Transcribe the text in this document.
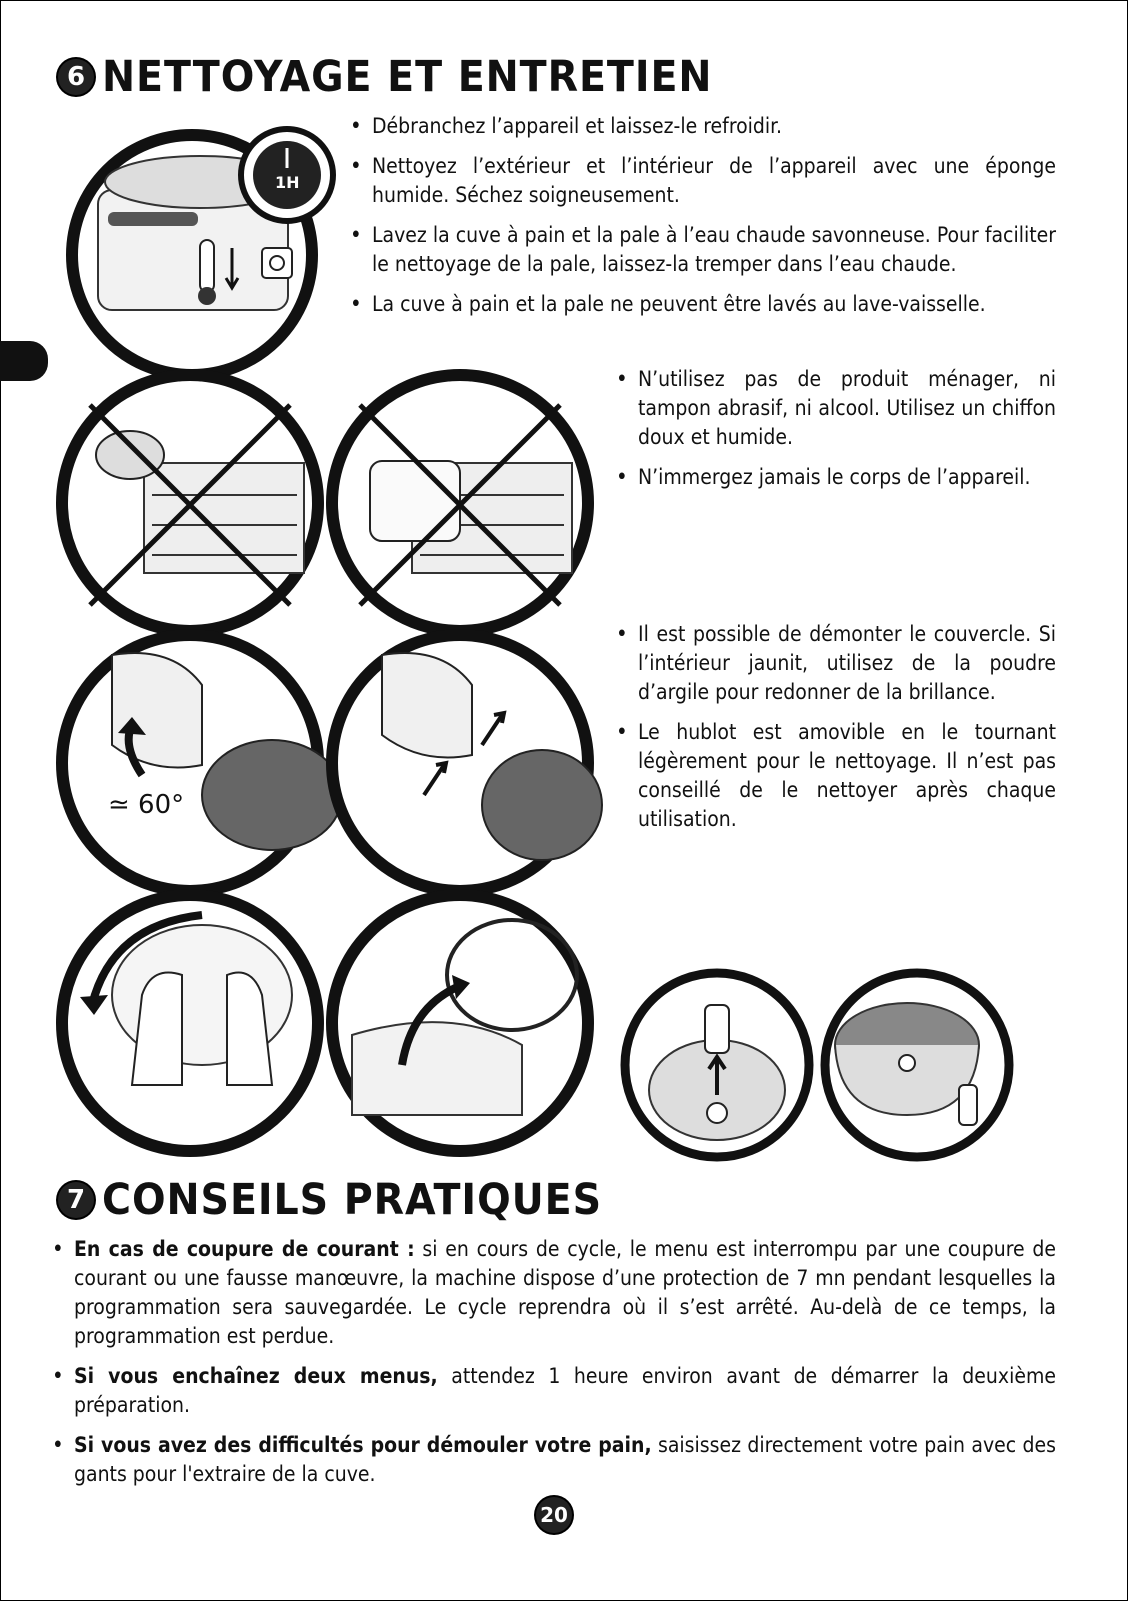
6 NETTOYAGE ET ENTRETIEN
1H
• Débranchez l’appareil et laissez-le refroidir.
• Nettoyez l’extérieur et l’intérieur de l’appareil avec une éponge humide. Séchez soigneusement.
• Lavez la cuve à pain et la pale à l’eau chaude savonneuse. Pour faciliter le nettoyage de la pale, laissez-la tremper dans l’eau chaude.
• La cuve à pain et la pale ne peuvent être lavés au lave-vaisselle.
• N’utilisez pas de produit ménager, ni tampon abrasif, ni alcool. Utilisez un chiffon doux et humide.
• N’immergez jamais le corps de l’appareil.
≃ 60°
• Il est possible de démonter le couvercle. Si l’intérieur jaunit, utilisez de la poudre d’argile pour redonner de la brillance.
• Le hublot est amovible en le tournant légèrement pour le nettoyage. Il n’est pas conseillé de le nettoyer après chaque utilisation.
7 CONSEILS PRATIQUES
• En cas de coupure de courant : si en cours de cycle, le menu est interrompu par une coupure de courant ou une fausse manœuvre, la machine dispose d’une protection de 7 mn pendant lesquelles la programmation sera sauvegardée. Le cycle reprendra où il s’est arrêté. Au-delà de ce temps, la programmation est perdue.
• Si vous enchaînez deux menus, attendez 1 heure environ avant de démarrer la deuxième préparation.
• Si vous avez des difficultés pour démouler votre pain, saisissez directement votre pain avec des gants pour l'extraire de la cuve.
20
